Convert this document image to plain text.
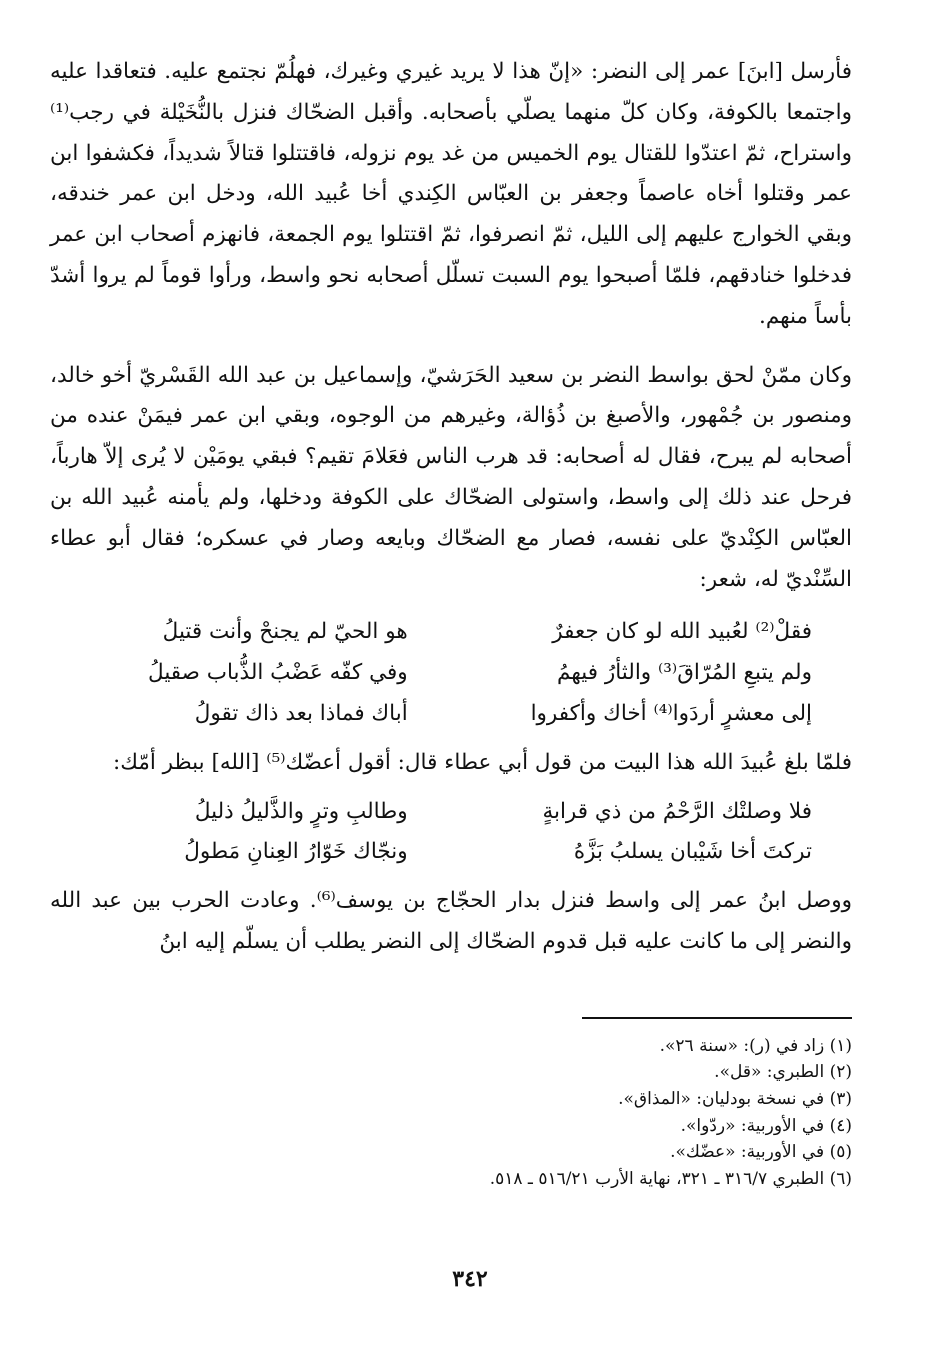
فأرسل [ابنَ] عمر إلى النضر: «إنّ هذا لا يريد غيري وغيرك، فهلُمّ نجتمع عليه. فتعاقدا عليه واجتمعا بالكوفة، وكان كلّ منهما يصلّي بأصحابه. وأقبل الضحّاك فنزل بالنُّخَيْلة في رجب⁽¹⁾ واستراح، ثمّ اعتدّوا للقتال يوم الخميس من غد يوم نزوله، فاقتتلوا قتالاً شديداً، فكشفوا ابن عمر وقتلوا أخاه عاصماً وجعفر بن العبّاس الكِندي أخا عُبيد الله، ودخل ابن عمر خندقه، وبقي الخوارج عليهم إلى الليل، ثمّ انصرفوا، ثمّ اقتتلوا يوم الجمعة، فانهزم أصحاب ابن عمر فدخلوا خنادقهم، فلمّا أصبحوا يوم السبت تسلّل أصحابه نحو واسط، ورأوا قوماً لم يروا أشدّ بأساً منهم.

وكان ممّنْ لحق بواسط النضر بن سعيد الحَرَشيّ، وإسماعيل بن عبد الله القَسْريّ أخو خالد، ومنصور بن جُمْهور، والأصبغ بن ذُؤالة، وغيرهم من الوجوه، وبقي ابن عمر فيمَنْ عنده من أصحابه لم يبرح، فقال له أصحابه: قد هرب الناس فعَلامَ تقيم؟ فبقي يومَيْن لا يُرى إلاّ هارباً، فرحل عند ذلك إلى واسط، واستولى الضحّاك على الكوفة ودخلها، ولم يأمنه عُبيد الله بن العبّاس الكِنْديّ على نفسه، فصار مع الضحّاك وبايعه وصار في عسكره؛ فقال أبو عطاء السِّنْديّ له، شعر:

فقلْ⁽²⁾ لعُبيد الله لو كان جعفرٌ
هو الحيّ لم يجنحْ وأنت قتيلُ
ولم يتبعِ المُرّاقَ⁽³⁾ والثأرُ فيهمُ
وفي كفّه عَضْبُ الذُّباب صقيلُ
إلى معشرٍ أردَوا⁽⁴⁾ أخاك وأكفروا
أباك فماذا بعد ذاك تقولُ

فلمّا بلغ عُبيدَ الله هذا البيت من قول أبي عطاء قال: أقول أعضّك⁽⁵⁾ [الله] ببظر أمّك:

فلا وصلتْك الرَّحْمُ من ذي قرابةٍ
وطالبِ وترٍ والذَّليلُ ذليلُ
تركتَ أخا شَيْبان يسلبُ بَزَّهُ
ونجّاك خَوّارُ العِنانِ مَطولُ

ووصل ابنُ عمر إلى واسط فنزل بدار الحجّاج بن يوسف⁽⁶⁾. وعادت الحرب بين عبد الله والنضر إلى ما كانت عليه قبل قدوم الضحّاك إلى النضر يطلب أن يسلّم إليه ابنُ

(١) زاد في (ر): «سنة ٢٦».
(٢) الطبري: «قل».
(٣) في نسخة بودليان: «المذاق».
(٤) في الأوربية: «ردّوا».
(٥) في الأوربية: «عضّك».
(٦) الطبري ٣١٦/٧ ـ ٣٢١، نهاية الأرب ٥١٦/٢١ ـ ٥١٨.
٣٤٢
